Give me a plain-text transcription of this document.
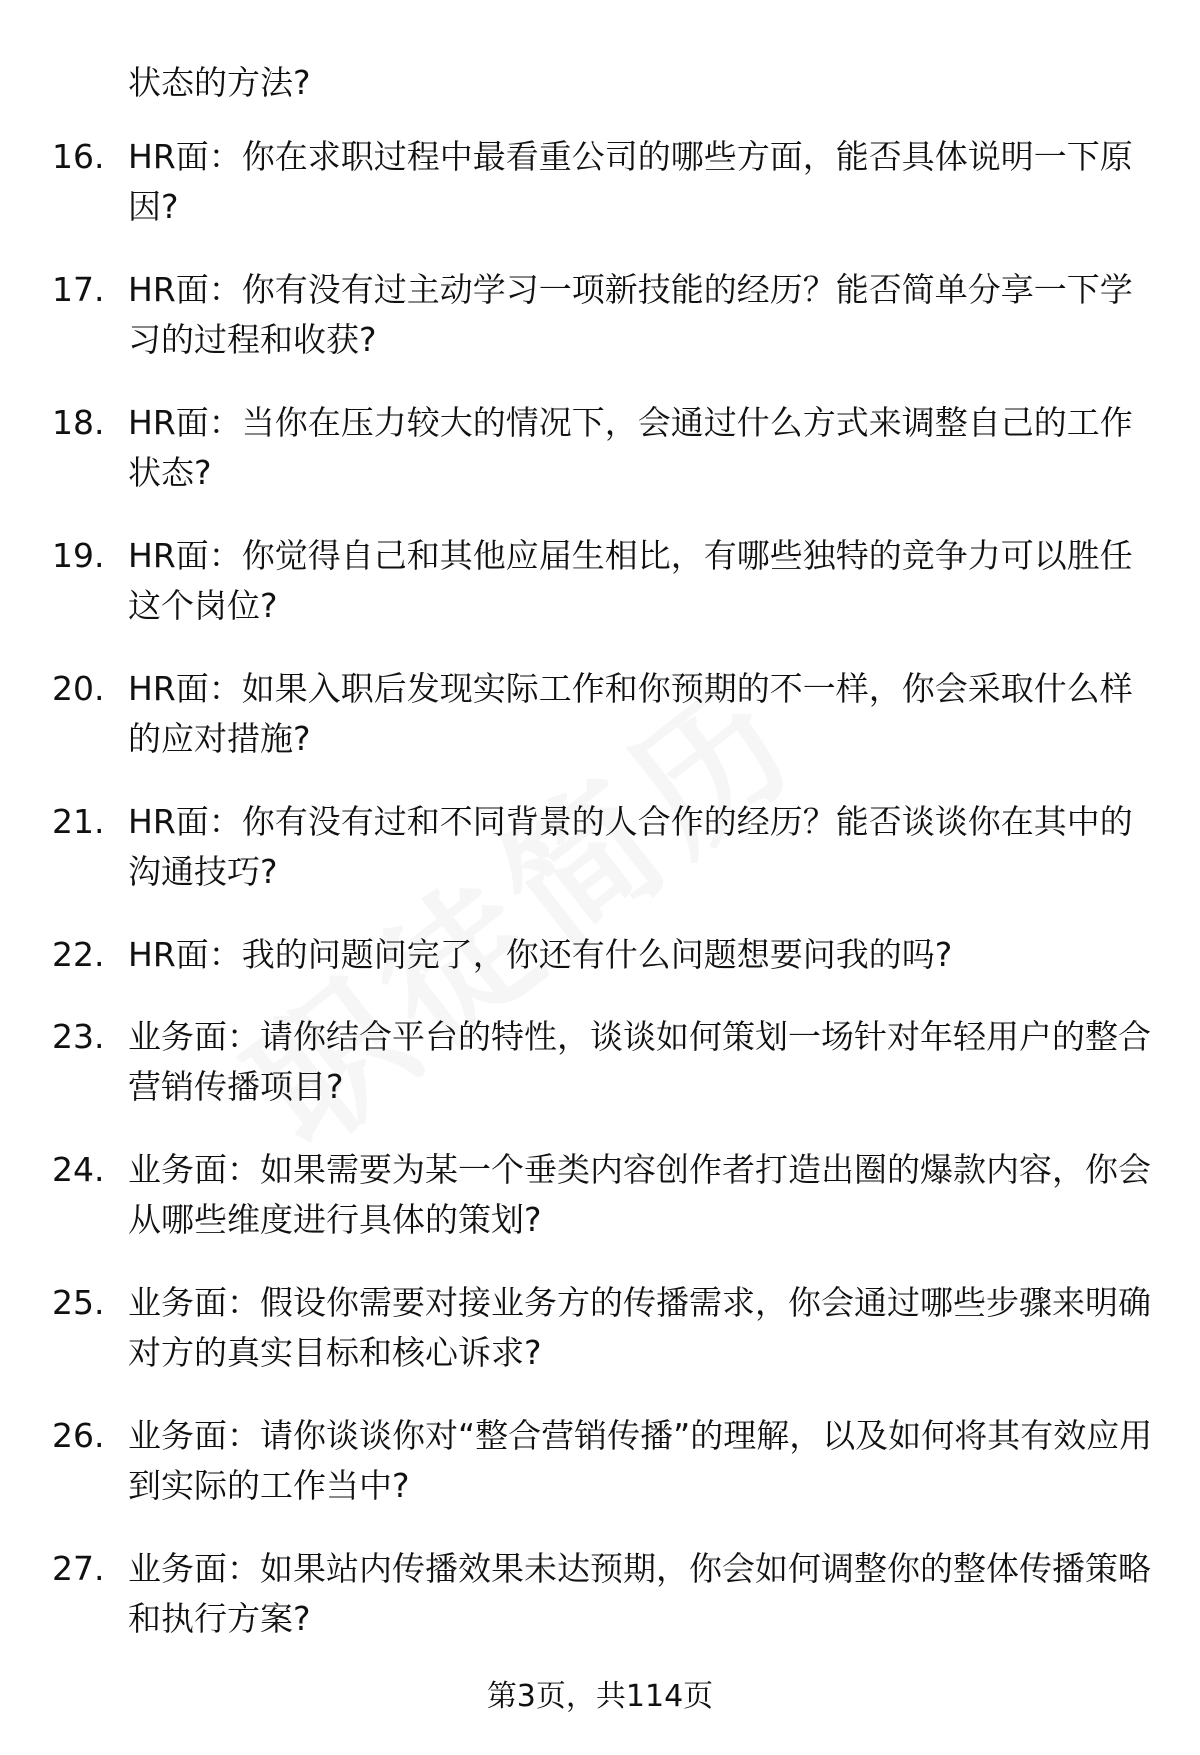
状态的方法?
16. HR面：你在求职过程中最看重公司的哪些方面，能否具体说明一下原因?
17. HR面：你有没有过主动学习一项新技能的经历？能否简单分享一下学习的过程和收获?
18. HR面：当你在压力较大的情况下，会通过什么方式来调整自己的工作状态?
19. HR面：你觉得自己和其他应届生相比，有哪些独特的竞争力可以胜任这个岗位?
20. HR面：如果入职后发现实际工作和你预期的不一样，你会采取什么样的应对措施?
21. HR面：你有没有过和不同背景的人合作的经历？能否谈谈你在其中的沟通技巧?
22. HR面：我的问题问完了，你还有什么问题想要问我的吗?
23. 业务面：请你结合平台的特性，谈谈如何策划一场针对年轻用户的整合营销传播项目?
24. 业务面：如果需要为某一个垂类内容创作者打造出圈的爆款内容，你会从哪些维度进行具体的策划?
25. 业务面：假设你需要对接业务方的传播需求，你会通过哪些步骤来明确对方的真实目标和核心诉求?
26. 业务面：请你谈谈你对“整合营销传播”的理解，以及如何将其有效应用到实际的工作当中?
27. 业务面：如果站内传播效果未达预期，你会如何调整你的整体传播策略和执行方案?
第3页，共114页
